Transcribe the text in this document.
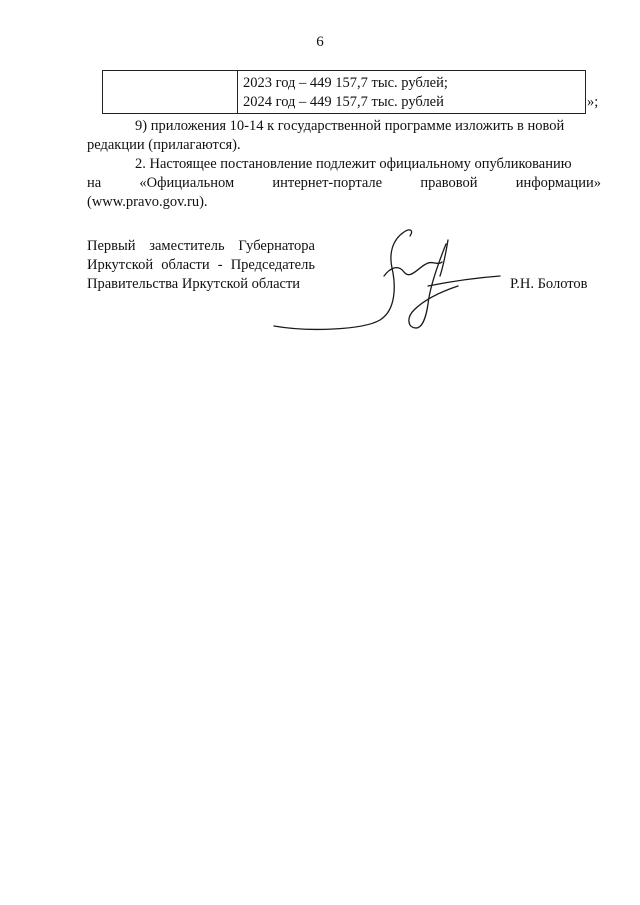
6
2023 год – 449 157,7 тыс. рублей;
2024 год – 449 157,7 тыс. рублей	»;

9) приложения 10-14 к государственной программе изложить в новой

редакции (прилагаются).

2. Настоящее постановление подлежит официальному опубликованию

на	«Официальном	интернет-портале	правовой	информации»

(www.pravo.gov.ru).

Первый заместитель Губернатора
Иркутской области - Председатель
Правительства Иркутской области	Р.Н. Болотов
